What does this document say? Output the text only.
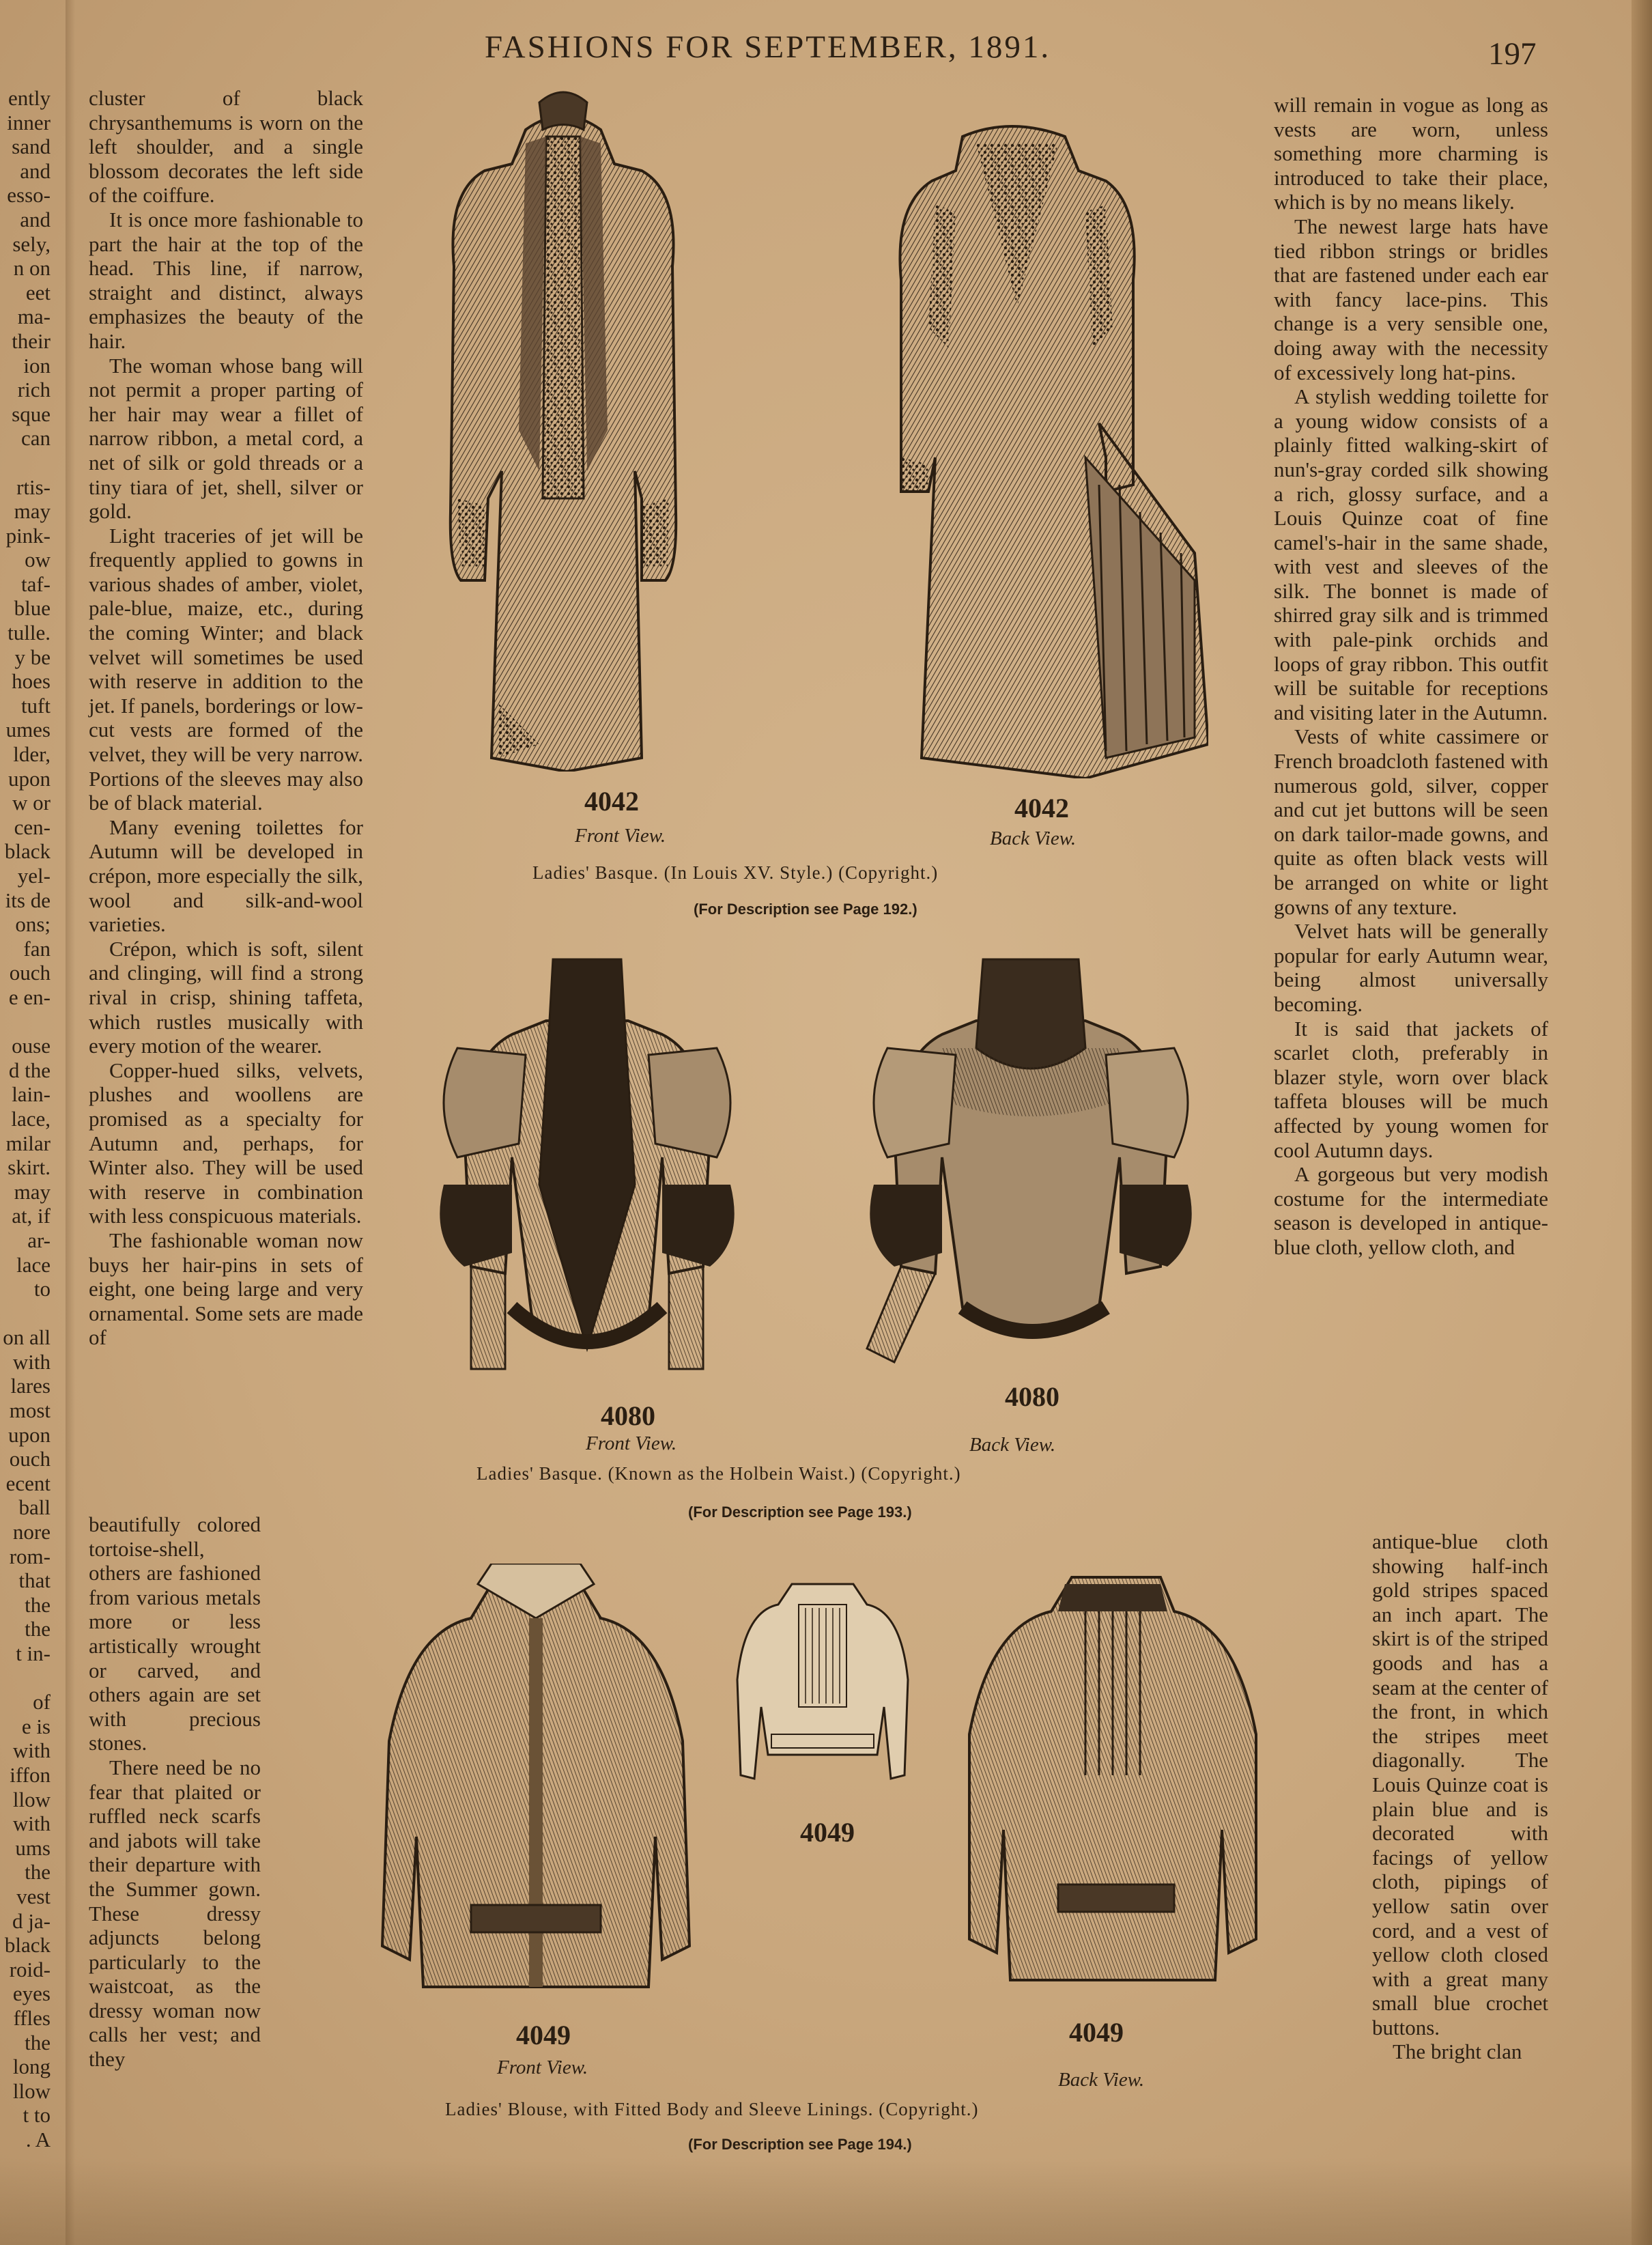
FASHIONS FOR SEPTEMBER, 1891.	197
ently
inner
sand
and
esso-
and
sely,
n on
eet
ma-
their
ion
rich
sque
can
rtis-
may
pink-
ow
taf-
blue
tulle.
y be
hoes
tuft
umes
lder,
upon
w or
cen-
black
yel-
its de
ons;
fan
ouch
e en-
ouse
d the
lain-
lace,
milar
skirt.
may
at, if
ar-
lace
to
on all
with
lares
most
upon
ouch
ecent
ball
nore
rom-
that
the
the
t in-
of
e is
with
iffon
llow
with
ums
the
vest
d ja-
black
roid-
eyes
ffles
the
long
llow
t to
. A

cluster of black chrysanthemums is worn on the left shoulder, and a single blossom decorates the left side of the coiffure.

It is once more fashionable to part the hair at the top of the head. This line, if narrow, straight and distinct, always emphasizes the beauty of the hair.

The woman whose bang will not permit a proper parting of her hair may wear a fillet of narrow ribbon, a metal cord, a net of silk or gold threads or a tiny tiara of jet, shell, silver or gold.

Light traceries of jet will be frequently applied to gowns in various shades of amber, violet, pale-blue, maize, etc., during the coming Winter; and black velvet will sometimes be used with reserve in addition to the jet. If panels, borderings or low-cut vests are formed of the velvet, they will be very narrow. Portions of the sleeves may also be of black material.

Many evening toilettes for Autumn will be developed in crépon, more especially the silk, wool and silk-and-wool varieties.

Crépon, which is soft, silent and clinging, will find a strong rival in crisp, shining taffeta, which rustles musically with every motion of the wearer.

Copper-hued silks, velvets, plushes and woollens are promised as a specialty for Autumn and, perhaps, for Winter also. They will be used with reserve in combination with less conspicuous materials.

The fashionable woman now buys her hair-pins in sets of eight, one being large and very ornamental. Some sets are made of

beautifully colored tortoise-shell, others are fashioned from various metals more or less artistically wrought or carved, and others again are set with precious stones.

There need be no fear that plaited or ruffled neck scarfs and jabots will take their departure with the Summer gown. These dressy adjuncts belong particularly to the waistcoat, as the dressy woman now calls her vest; and they

will remain in vogue as long as vests are worn, unless something more charming is introduced to take their place, which is by no means likely.

The newest large hats have tied ribbon strings or bridles that are fastened under each ear with fancy lace-pins. This change is a very sensible one, doing away with the necessity of excessively long hat-pins.

A stylish wedding toilette for a young widow consists of a plainly fitted walking-skirt of nun's-gray corded silk showing a rich, glossy surface, and a Louis Quinze coat of fine camel's-hair in the same shade, with vest and sleeves of the silk. The bonnet is made of shirred gray silk and is trimmed with pale-pink orchids and loops of gray ribbon. This outfit will be suitable for receptions and visiting later in the Autumn.

Vests of white cassimere or French broadcloth fastened with numerous gold, silver, copper and cut jet buttons will be seen on dark tailor-made gowns, and quite as often black vests will be arranged on white or light gowns of any texture.

Velvet hats will be generally popular for early Autumn wear, being almost universally becoming.

It is said that jackets of scarlet cloth, preferably in blazer style, worn over black taffeta blouses will be much affected by young women for cool Autumn days.

A gorgeous but very modish costume for the intermediate season is developed in antique-blue cloth, yellow cloth, and

antique-blue cloth showing half-inch gold stripes spaced an inch apart. The skirt is of the striped goods and has a seam at the center of the front, in which the stripes meet diagonally. The Louis Quinze coat is plain blue and is decorated with facings of yellow cloth, pipings of yellow satin over cord, and a vest of yellow cloth closed with a great many small blue crochet buttons.

The bright clan

4042	4042
Front View.	Back View.
Ladies' Basque. (In Louis XV. Style.) (Copyright.)
(For Description see Page 192.)
4080
4080
Front View.	Back View.
Ladies' Basque. (Known as the Holbein Waist.) (Copyright.)
(For Description see Page 193.)
4049
4049
4049
Front View.
Back View.
Ladies' Blouse, with Fitted Body and Sleeve Linings. (Copyright.)
(For Description see Page 194.)
